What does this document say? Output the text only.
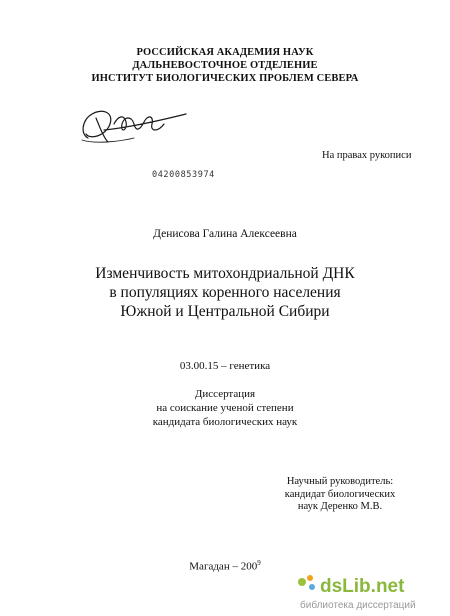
РОССИЙСКАЯ АКАДЕМИЯ НАУК
ДАЛЬНЕВОСТОЧНОЕ ОТДЕЛЕНИЕ
ИНСТИТУТ БИОЛОГИЧЕСКИХ ПРОБЛЕМ СЕВЕРА
На правах рукописи
04200853974
Денисова Галина Алексеевна
Изменчивость митохондриальной ДНК
в популяциях коренного населения
Южной и Центральной Сибири
03.00.15 – генетика
Диссертация
на соискание ученой степени
кандидата биологических наук
Научный руководитель:
кандидат биологических
наук Деренко М.В.
Магадан – $200^9$
dsLib.net
библиотека диссертаций
